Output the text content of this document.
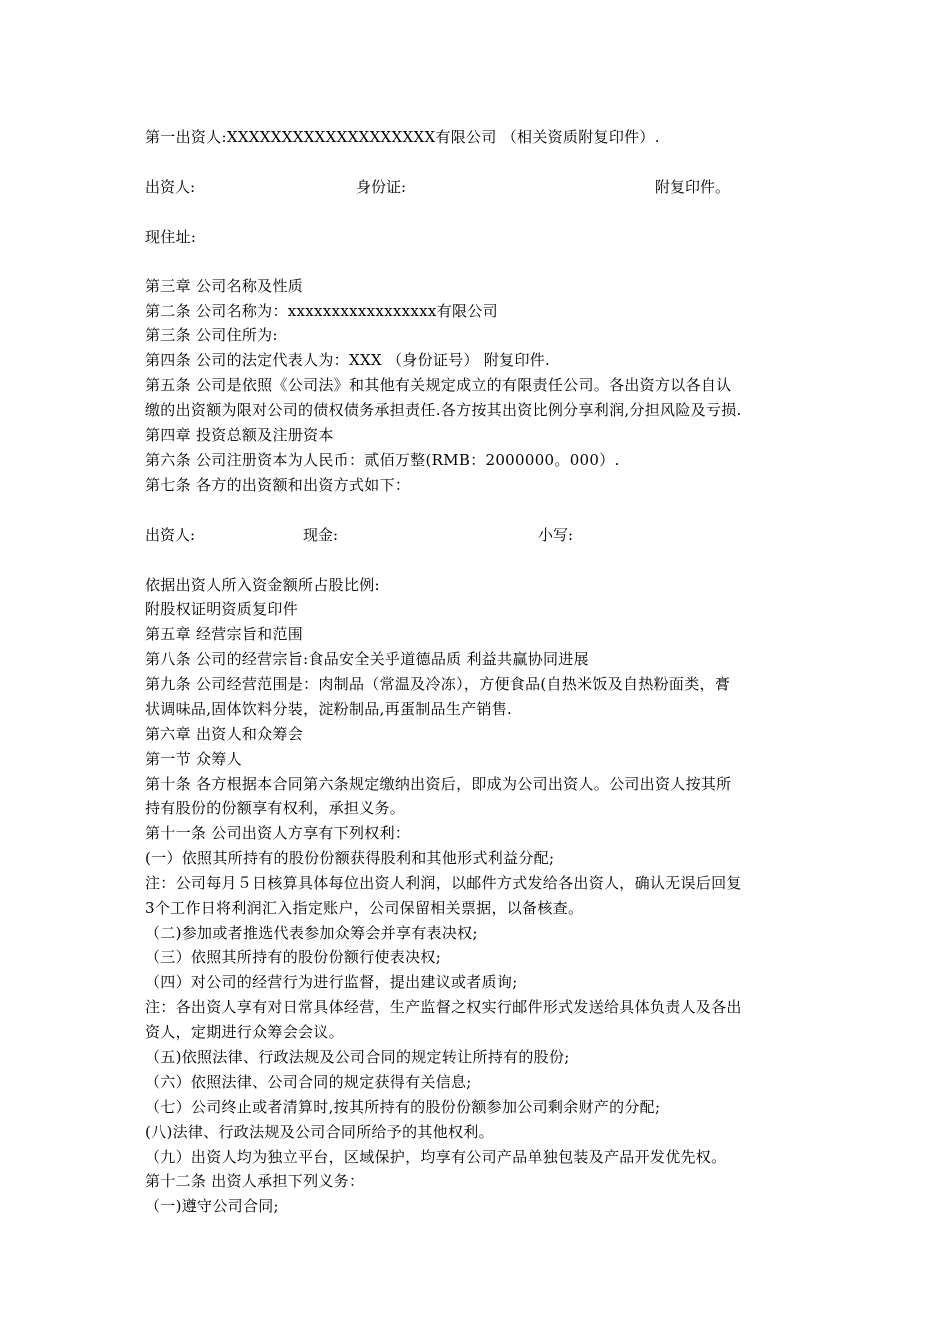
第一出资人:XXXXXXXXXXXXXXXXXXX有限公司 （相关资质附复印件）.
出资人:	身份证:	附复印件。
现住址:
第三章 公司名称及性质
第二条 公司名称为：xxxxxxxxxxxxxxxxx有限公司
第三条 公司住所为:
第四条 公司的法定代表人为：XXX （身份证号） 附复印件.
第五条 公司是依照《公司法》和其他有关规定成立的有限责任公司。各出资方以各自认
缴的出资额为限对公司的债权债务承担责任.各方按其出资比例分享利润,分担风险及亏损.
第四章 投资总额及注册资本
第六条 公司注册资本为人民币：贰佰万整(RMB：2000000。000）.
第七条 各方的出资额和出资方式如下：
出资人:	现金:	小写:
依据出资人所入资金额所占股比例:
附股权证明资质复印件
第五章 经营宗旨和范围
第八条 公司的经营宗旨:食品安全关乎道德品质 利益共赢协同进展
第九条 公司经营范围是：肉制品（常温及冷冻），方便食品(自热米饭及自热粉面类，膏
状调味品,固体饮料分装，淀粉制品,再蛋制品生产销售.
第六章 出资人和众筹会
第一节 众筹人
第十条 各方根据本合同第六条规定缴纳出资后，即成为公司出资人。公司出资人按其所
持有股份的份额享有权利，承担义务。
第十一条 公司出资人方享有下列权利：
(一）依照其所持有的股份份额获得股利和其他形式利益分配;
注：公司每月５日核算具体每位出资人利润，以邮件方式发给各出资人，确认无误后回复
3个工作日将利润汇入指定账户，公司保留相关票据，以备核查。
（二)参加或者推选代表参加众筹会并享有表决权;
（三）依照其所持有的股份份额行使表决权;
（四）对公司的经营行为进行监督，提出建议或者质询;
注：各出资人享有对日常具体经营，生产监督之权实行邮件形式发送给具体负责人及各出
资人，定期进行众筹会会议。
（五)依照法律、行政法规及公司合同的规定转让所持有的股份;
（六）依照法律、公司合同的规定获得有关信息;
（七）公司终止或者清算时,按其所持有的股份份额参加公司剩余财产的分配;
(八)法律、行政法规及公司合同所给予的其他权利。
（九）出资人均为独立平台，区域保护，均享有公司产品单独包装及产品开发优先权。
第十二条 出资人承担下列义务：
（一)遵守公司合同;
